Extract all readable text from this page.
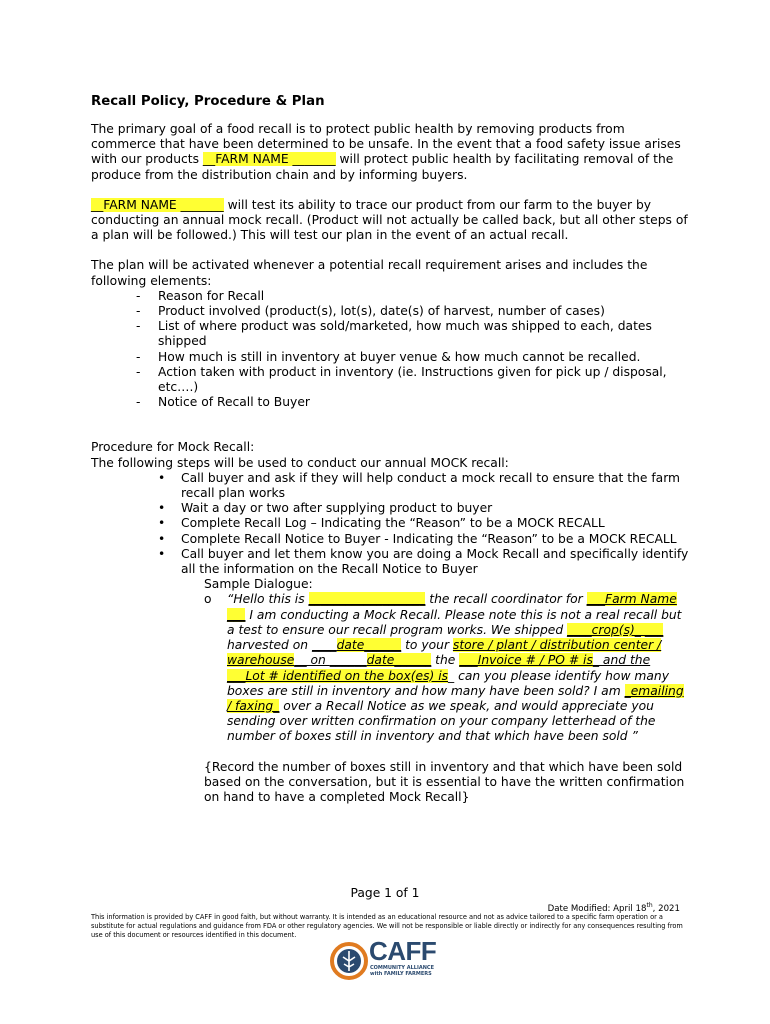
Recall Policy, Procedure & Plan

The primary goal of a food recall is to protect public health by removing products from commerce that have been determined to be unsafe. In the event that a food safety issue arises with our products __FARM NAME _______ will protect public health by facilitating removal of the produce from the distribution chain and by informing buyers.

__FARM NAME _______ will test its ability to trace our product from our farm to the buyer by conducting an annual mock recall. (Product will not actually be called back, but all other steps of a plan will be followed.) This will test our plan in the event of an actual recall.

The plan will be activated whenever a potential recall requirement arises and includes the following elements:

- Reason for Recall
- Product involved (product(s), lot(s), date(s) of harvest, number of cases)
- List of where product was sold/marketed, how much was shipped to each, dates shipped
- How much is still in inventory at buyer venue & how much cannot be recalled.
- Action taken with product in inventory (ie. Instructions given for pick up / disposal, etc….)
- Notice of Recall to Buyer

Procedure for Mock Recall:

The following steps will be used to conduct our annual MOCK recall:

• Call buyer and ask if they will help conduct a mock recall to ensure that the farm recall plan works
• Wait a day or two after supplying product to buyer
• Complete Recall Log – Indicating the “Reason” to be a MOCK RECALL
• Complete Recall Notice to Buyer - Indicating the “Reason” to be a MOCK RECALL
• Call buyer and let them know you are doing a Mock Recall and specifically identify all the information on the Recall Notice to Buyer

Sample Dialogue:

o “Hello this is ___________________ the recall coordinator for ___Farm Name ___ I am conducting a Mock Recall. Please note this is not a real recall but a test to ensure our recall program works. We shipped ____crop(s)_ ___ harvested on ____date______ to your store / plant / distribution center / warehouse__ on ______date______ the ___Invoice # / PO # is_ and the ___Lot # identified on the box(es) is_ can you please identify how many boxes are still in inventory and how many have been sold? I am _emailing / faxing_ over a Recall Notice as we speak, and would appreciate you sending over written confirmation on your company letterhead of the number of boxes still in inventory and that which have been sold ”

{Record the number of boxes still in inventory and that which have been sold based on the conversation, but it is essential to have the written confirmation on hand to have a completed Mock Recall}

Page 1 of 1
Date Modified: April 18th, 2021
This information is provided by CAFF in good faith, but without warranty. It is intended as an educational resource and not as advice tailored to a specific farm operation or a substitute for actual regulations and guidance from FDA or other regulatory agencies. We will not be responsible or liable directly or indirectly for any consequences resulting from use of this document or resources identified in this document.
CAFF
COMMUNITY ALLIANCE
with FAMILY FARMERS
